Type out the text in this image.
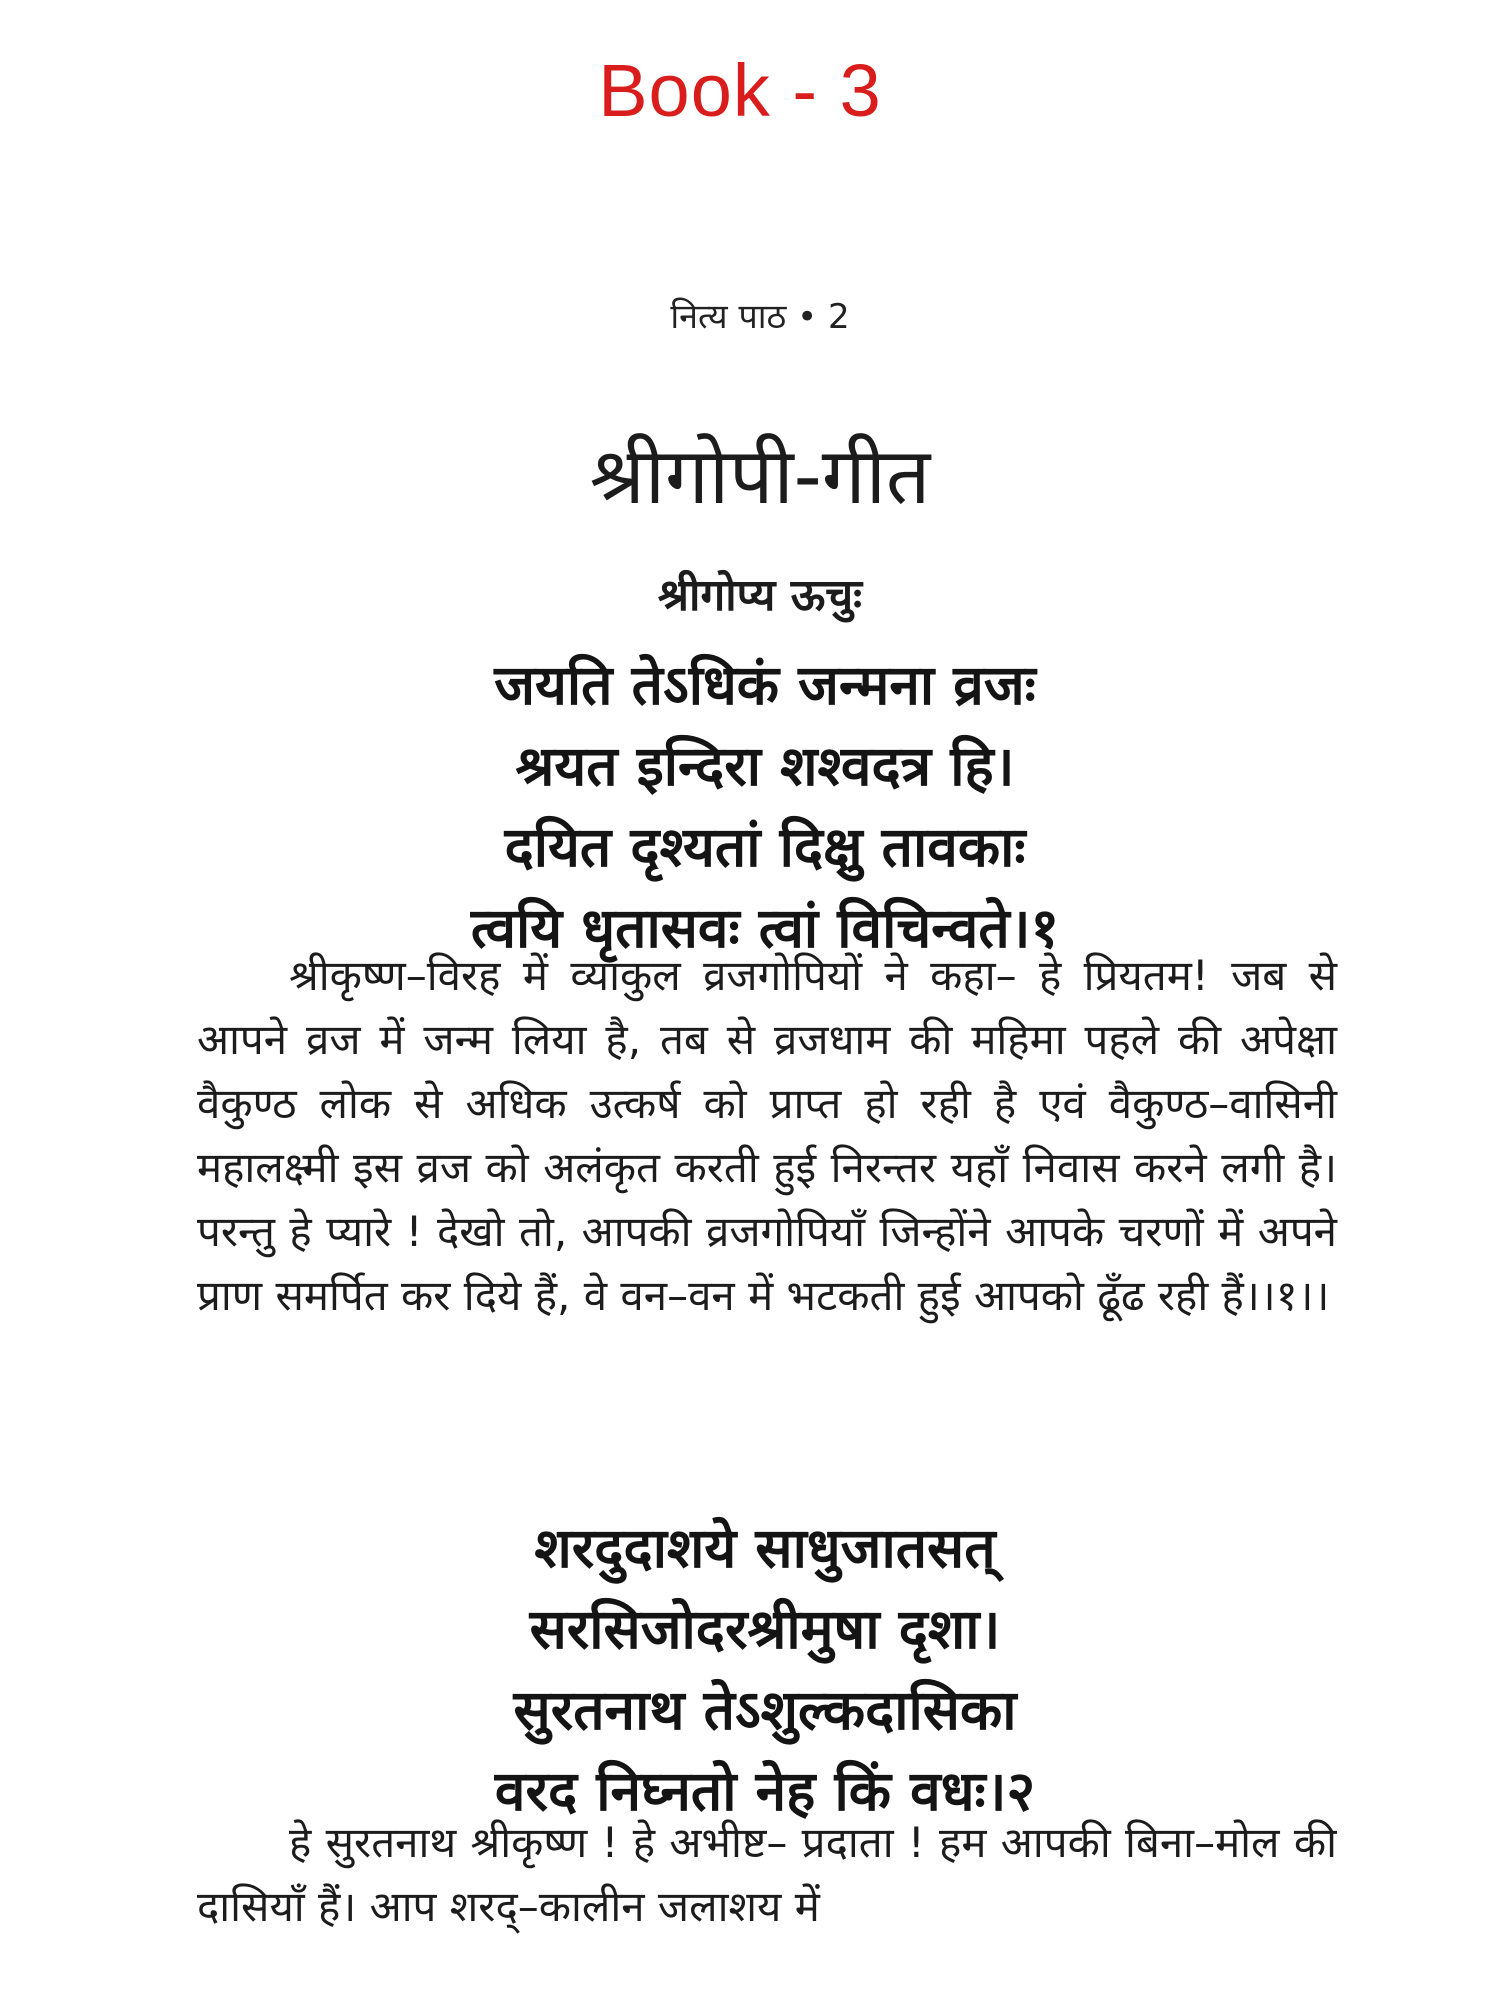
Book - 3
नित्य पाठ • 2
श्रीगोपी-गीत
श्रीगोप्य ऊचुः
जयति तेऽधिकं जन्मना व्रजः
श्रयत इन्दिरा शश्वदत्र हि।
दयित दृश्यतां दिक्षु तावकाः
त्वयि धृतासवः त्वां विचिन्वते।१

श्रीकृष्ण–विरह में व्याकुल व्रजगोपियों ने कहा– हे प्रियतम! जब से आपने व्रज में जन्म लिया है, तब से व्रजधाम की महिमा पहले की अपेक्षा वैकुण्ठ लोक से अधिक उत्कर्ष को प्राप्त हो रही है एवं वैकुण्ठ–वासिनी महालक्ष्मी इस व्रज को अलंकृत करती हुई निरन्तर यहाँ निवास करने लगी है। परन्तु हे प्यारे ! देखो तो, आपकी व्रजगोपियाँ जिन्होंने आपके चरणों में अपने प्राण समर्पित कर दिये हैं, वे वन–वन में भटकती हुई आपको ढूँढ रही हैं।।१।।

शरदुदाशये साधुजातसत्
सरसिजोदरश्रीमुषा दृशा।
सुरतनाथ तेऽशुल्कदासिका
वरद निघ्नतो नेह किं वधः।२

हे सुरतनाथ श्रीकृष्ण ! हे अभीष्ट– प्रदाता ! हम आपकी बिना–मोल की दासियाँ हैं। आप शरद्–कालीन जलाशय में
